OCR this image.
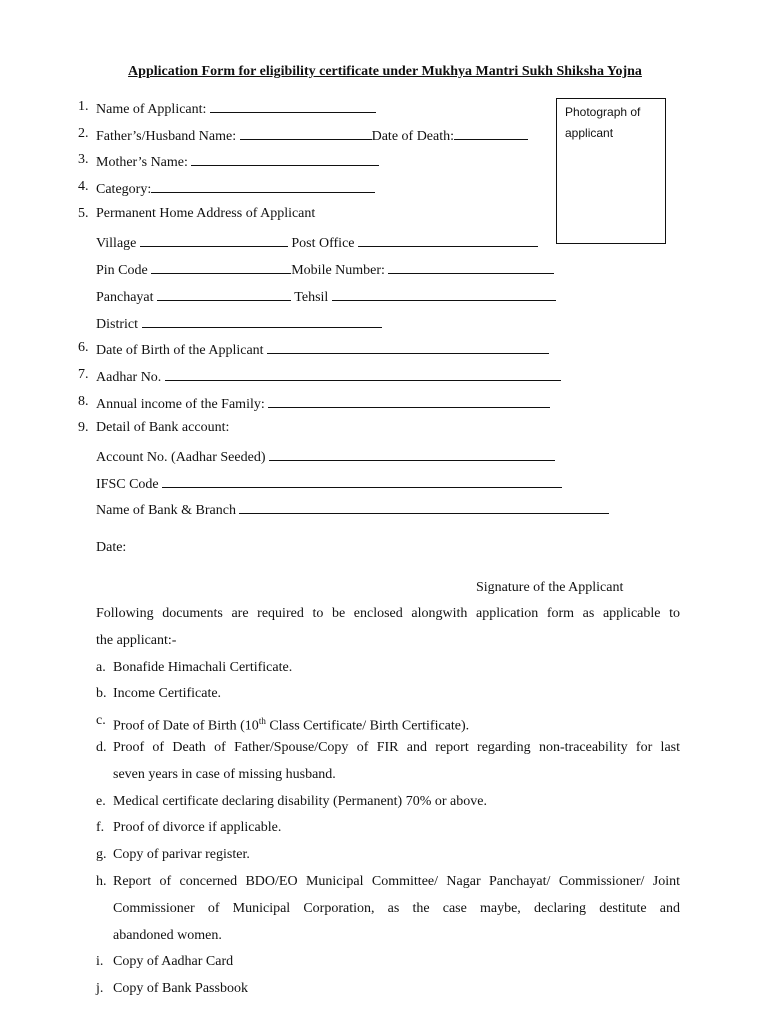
Application Form for eligibility certificate under Mukhya Mantri Sukh Shiksha Yojna
Photograph of
applicant
1. Name of Applicant:
2. Father’s/Husband Name:	Date of Death:
3. Mother’s Name:
4. Category:
5. Permanent Home Address of Applicant
Village	Post Office
Pin Code	Mobile Number:
Panchayat	Tehsil
District
6. Date of Birth of the Applicant
7. Aadhar No.
8. Annual income of the Family:
9. Detail of Bank account:
Account No. (Aadhar Seeded)
IFSC Code
Name of Bank & Branch
Date:
Signature of the Applicant
Following documents are required to be enclosed alongwith application form as applicable to
the applicant:-
a. Bonafide Himachali Certificate.
b. Income Certificate.
c. Proof of Date of Birth (10th Class Certificate/ Birth Certificate).
d. Proof of Death of Father/Spouse/Copy of FIR and report regarding non-traceability for last
seven years in case of missing husband.
e. Medical certificate declaring disability (Permanent) 70% or above.
f. Proof of divorce if applicable.
g. Copy of parivar register.
h. Report of concerned BDO/EO Municipal Committee/ Nagar Panchayat/ Commissioner/ Joint
Commissioner of Municipal Corporation, as the case maybe, declaring destitute and
abandoned women.
i. Copy of Aadhar Card
j. Copy of Bank Passbook
